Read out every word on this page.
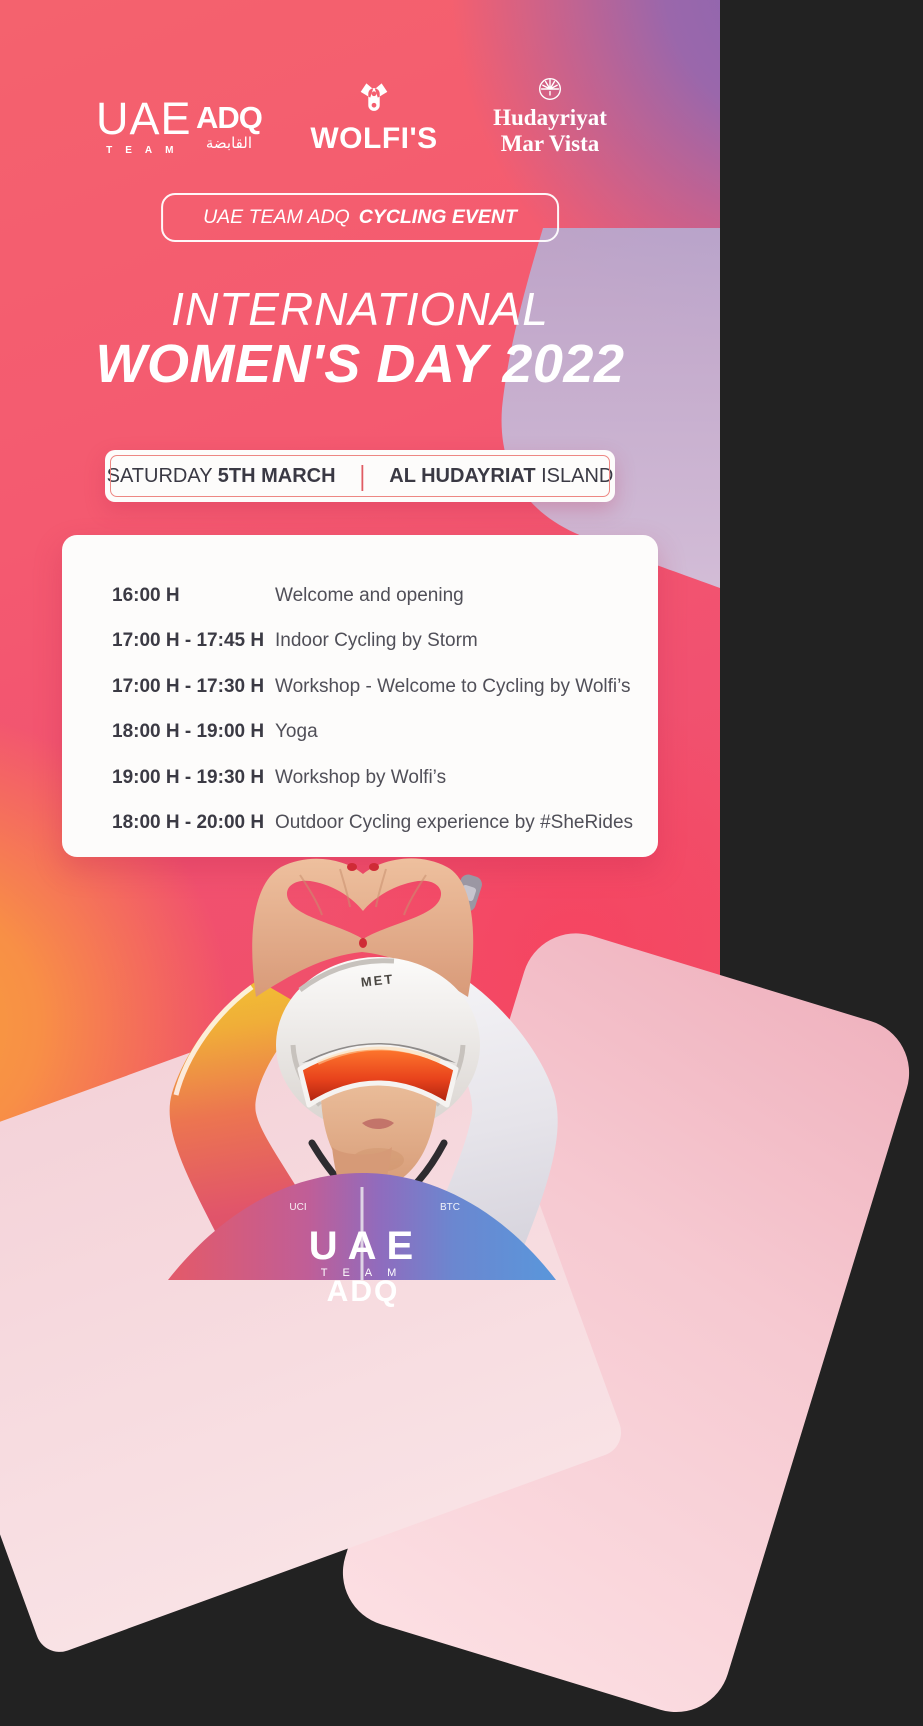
UAE
TEAM
ADQ
القابضة	WOLFI'S
Hudayriyat
Mar Vista
UAE TEAM ADQ CYCLING EVENT
INTERNATIONAL
WOMEN'S DAY 2022
SATURDAY 5TH MARCH | AL HUDAYRIAT ISLAND
16:00 H	Welcome and opening
17:00 H - 17:45 H Indoor Cycling by Storm
17:00 H - 17:30 H Workshop - Welcome to Cycling by Wolfi’s
18:00 H - 19:00 H Yoga
19:00 H - 19:30 H Workshop by Wolfi’s
18:00 H - 20:00 H Outdoor Cycling experience by #SheRides
MET
UCI	BTC
UAE
TEAM
ADQ
